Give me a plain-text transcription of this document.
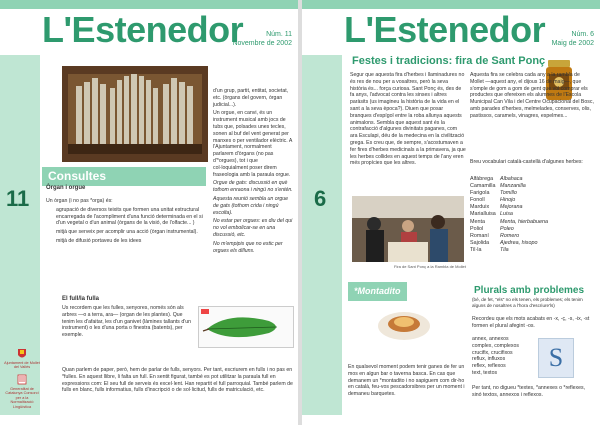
L'Estenedor	Núm. 11
Novembre de 2002
11

d'un grup, partit, entitat, societat, etc. (òrgans del govern, òrgan judicial...).

Un orgue, en canvi, és un instrument musical amb jocs de tubs que, polsades unes tecles, sonen al buf del vent generat per manxes o per ventilador elèctric. A l'Ajuntament, normalment parlarem d'òrgans (no pas d'*orgues), tot i que col·loquialment poser direm fraseologia amb la paraula orgue.

Orgue de gats: discussió en què tothom enraona i ningú no s'entén.

Aquesta reunió sembla un orgue de gats (tothom crida i ningú escolta).

No estar per orgues: es diu del qui no vol embolicar-se en una discussió, etc.

No m'empipis que no estic per orgues els dilluns.

Consultes
Òrgan i orgue

Un òrgan (i no pas *orga) és:

agrupació de diversos teixits que formen una unitat estructural encarregada de l'acompliment d'una funció determinada en el si d'un vegetal o d'un animal (òrgans de la visió, de l'olfacte... )

mitjà que serveix per acomplir una acció (òrgan instrumental).

mitjà de difusió portaveu de les idees

El full/la fulla
Us recordem que les fulles, senyores, només són als arbres —o a terra, ara— (organ de les plantes). Que tenim les d'afaitar, les d'un ganivet (làmines tallants d'un instrument) o les d'una porta o finestra (batents), per exemple.
Quan parlem de paper, però, hem de parlar de fulls, senyors. Per tant, escriurem en fulls i no pas en *fulles. En aquest llibre, li falta un full. En sentit figurat, també es pot utilitzar la paraula full en expressions com: El seu full de serveis és excel·lent. Han repartit el full parroquial. També parlem de fulls en blanc, fulls informatius, fulls d'inscripció o de sol·licitud, fulls de matriculació, etc.
Ajuntament de Mollet del Vallès
Generalitat de Catalunya Consorci per a la Normalització Lingüística
L'Estenedor	Núm. 6
Maig de 2002
6
Festes i tradicions: fira de Sant Ponç
Segur que aquesta fira d'herbes i llaminadures no és res de nou per a vosaltres, però la seva història és... força curiosa. Sant Ponç és, des de fa anys, l'advocat contra les sinses i altres paràsits (us imagineu la història de la vida en el sant a la seva època?). Diuen que posar branques d'espígol entre la roba allunya aquests animalons. Sembla que aquest sant és la contrafacció d'algunes divinitats paganes, com ara Esculapi, déu de la medecina en la civilització grega. Es creu que, de sempre, s'acostumaven a fer fires d'herbes medicinals a la primavera, ja que les herbes collides en aquest temps de l'any eren més propícies que les altres.
Fira de Sant Ponç a la Rambla de Mollet
Aquesta fira se celebra cada any a la rambla de Mollet —aquest any, el dijous 16 de maig—, que s'omple de gom a gom de gent que vol comprar els productes que ofereixen els alumnes de l'Escola Municipal Can Vila i del Centre Ocupacional del Bosc, amb parades d'herbes, melmelades, conserves, olis, pastissos, caramels, vinagres, espelmes...
Breu vocabulari català-castellà d'algunes herbes:
Alfàbrega	Albahaca
Camamilla Manzanilla
Farigola	Tomillo
Fonoll	Hinojo
Marduix	Mejorana
Marialluisa Luisa
Menta	Menta, hierbabuena
Poliol	Poleo
Romaní	Romero
Sajolida	Ajedrea, hisopo
Til·la	Tila
*Montadito
En qualsevol moment podem tenir ganes de fer un mos en algun bar o taverna basca. En cas que demanem un *montadito i no sapiguem com dir-ho en català, feu-vos pescadorsibres per un moment i demaneu barquetes.
Plurals amb problemes
(bé, de fet, "els" no els tenen, els problemes; els tenim alguns de nosaltres a l'hora d'escriure'ls)
Recordeu que els mots acabats en -x, -ç, -s, -ix, -st formen el plural afegint -os.
annex, annexos
complex, complexos
crucifix, crucifixos
reflux, influxos
reflex, reflexos
text, textos
S
Per tant, no digueu *textes, *annexes o *reflexes, sinó textos, annexos i reflexos.
